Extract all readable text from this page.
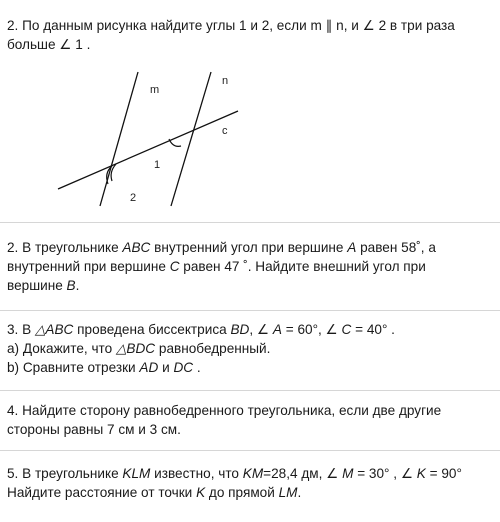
2. По данным рисунка найдите углы 1 и 2, если m ∥ n, и ∠ 2 в три раза
больше ∠ 1 .
m
n
c
1
2
2. В треугольнике ABC внутренний угол при вершине A равен 58˚, а
внутренний при вершине C равен 47 ˚. Найдите внешний угол при
вершине B.
3. В △ABC проведена биссектриса BD, ∠ A = 60°, ∠ C = 40° .
а) Докажите, что △BDC равнобедренный.
b) Сравните отрезки AD и DC .
4. Найдите сторону равнобедренного треугольника, если две другие
стороны равны 7 см и 3 см.
5. В треугольнике KLM известно, что KM=28,4 дм, ∠ M = 30° , ∠ K = 90°
Найдите расстояние от точки K до прямой LM.
